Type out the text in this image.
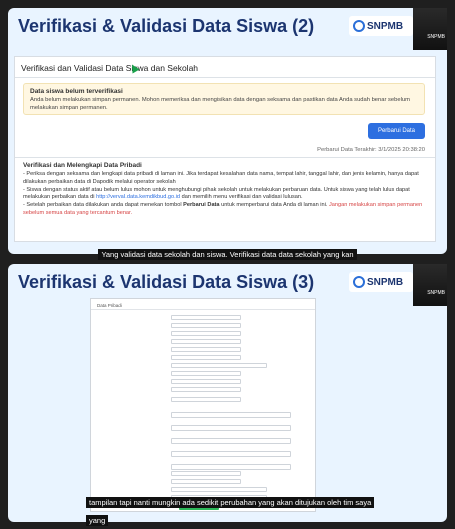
Verifikasi & Validasi Data Siswa (2)	SNPMB
SNPMB
Verifikasi dan Validasi Data Siswa dan Sekolah
Data siswa belum terverifikasi
Anda belum melakukan simpan permanen. Mohon memeriksa dan mengisikan data dengan seksama dan pastikan data Anda sudah benar sebelum melakukan simpan permanen.
Perbarui Data
Perbarui Data Terakhir: 3/1/2025 20:38:20
Verifikasi dan Melengkapi Data Pribadi

- Periksa dengan seksama dan lengkapi data pribadi di laman ini. Jika terdapat kesalahan data nama, tempat lahir, tanggal lahir, dan jenis kelamin, hanya dapat dilakukan perbaikan data di Dapodik melalui operator sekolah

- Siswa dengan status aktif atau belum lulus mohon untuk menghubungi pihak sekolah untuk melakukan perbaruan data. Untuk siswa yang telah lulus dapat melakukan perbaikan data di http://vervaI.data.kemdikbud.go.id dan memilih menu verifikasi dan validasi lulusan.

- Setelah perbaikan data dilakukan anda dapat menekan tombol Perbarui Data untuk memperbarui data Anda di laman ini. Jangan melakukan simpan permanen sebelum semua data yang tercantum benar.

Yang validasi data sekolah dan siswa. Verifikasi data data sekolah yang kan
Verifikasi & Validasi Data Siswa (3)	SNPMB
SNPMB
Data Pribadi
tampilan tapi nanti mungkin ada sedikit perubahan yang akan ditujukan oleh tim saya yang
